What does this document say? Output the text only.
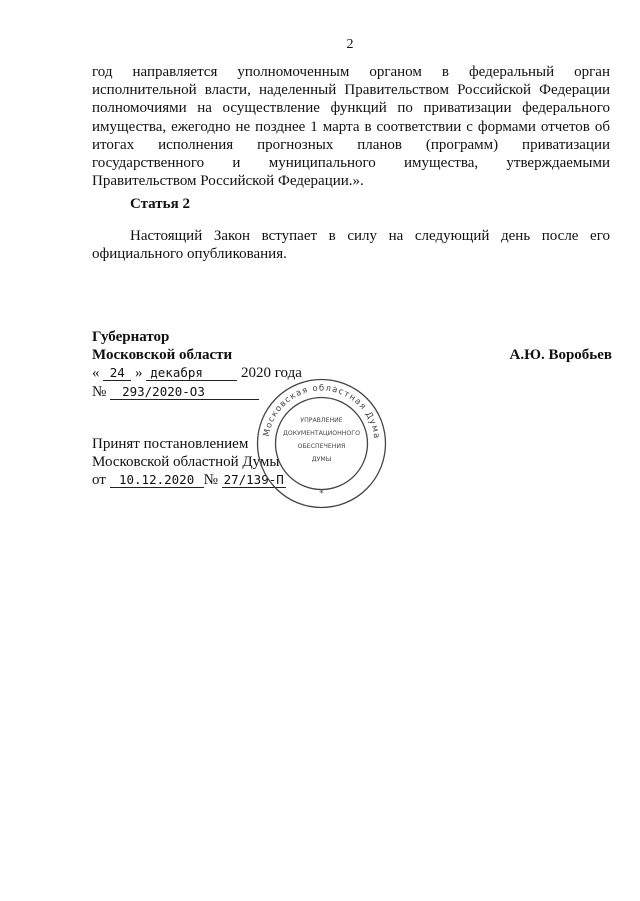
2
год направляется уполномоченным органом в федеральный орган исполнительной власти, наделенный Правительством Российской Федерации полномочиями на осуществление функций по приватизации федерального имущества, ежегодно не позднее 1 марта в соответствии с формами отчетов об итогах исполнения прогнозных планов (программ) приватизации государственного и муниципального имущества, утверждаемыми Правительством Российской Федерации.».
Статья 2
Настоящий Закон вступает в силу на следующий день после его официального опубликования.
Губернатор
Московской области	А.Ю. Воробьев
« 24 » декабря	2020 года
№ 293/2020-ОЗ
Принят постановлением
Московской областной Думы
от 10.12.2020 № 27/139-П
Московская областная Дума
УПРАВЛЕНИЕ
ДОКУМЕНТАЦИОННОГО
ОБЕСПЕЧЕНИЯ
ДУМЫ
*
